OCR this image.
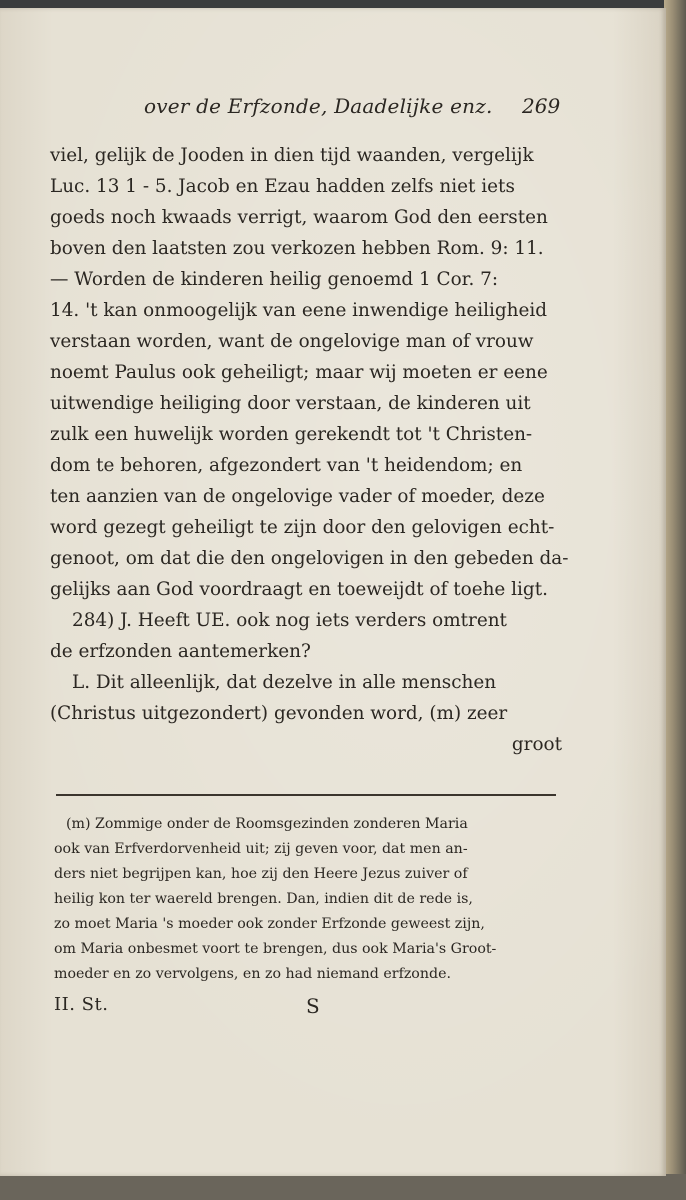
over de Erfzonde, Daadelijke enz. 269
viel, gelijk de Jooden in dien tijd waanden, vergelijk
Luc. 13 1 - 5. Jacob en Ezau hadden zelfs niet iets
goeds noch kwaads verrigt, waarom God den eersten
boven den laatsten zou verkozen hebben Rom. 9: 11.
— Worden de kinderen heilig genoemd 1 Cor. 7:
14. 't kan onmoogelijk van eene inwendige heiligheid
verstaan worden, want de ongelovige man of vrouw
noemt Paulus ook geheiligt; maar wij moeten er eene
uitwendige heiliging door verstaan, de kinderen uit
zulk een huwelijk worden gerekendt tot 't Christen-
dom te behoren, afgezondert van 't heidendom; en
ten aanzien van de ongelovige vader of moeder, deze
word gezegt geheiligt te zijn door den gelovigen echt-
genoot, om dat die den ongelovigen in den gebeden da-
gelijks aan God voordraagt en toeweijdt of toehe ligt.
284) J. Heeft UE. ook nog iets verders omtrent
de erfzonden aantemerken?
L. Dit alleenlijk, dat dezelve in alle menschen
(Christus uitgezondert) gevonden word, (m) zeer
groot
(m) Zommige onder de Roomsgezinden zonderen Maria
ook van Erfverdorvenheid uit; zij geven voor, dat men an-
ders niet begrijpen kan, hoe zij den Heere Jezus zuiver of
heilig kon ter waereld brengen. Dan, indien dit de rede is,
zo moet Maria 's moeder ook zonder Erfzonde geweest zijn,
om Maria onbesmet voort te brengen, dus ook Maria's Groot-
moeder en zo vervolgens, en zo had niemand erfzonde.
II. St.	S
